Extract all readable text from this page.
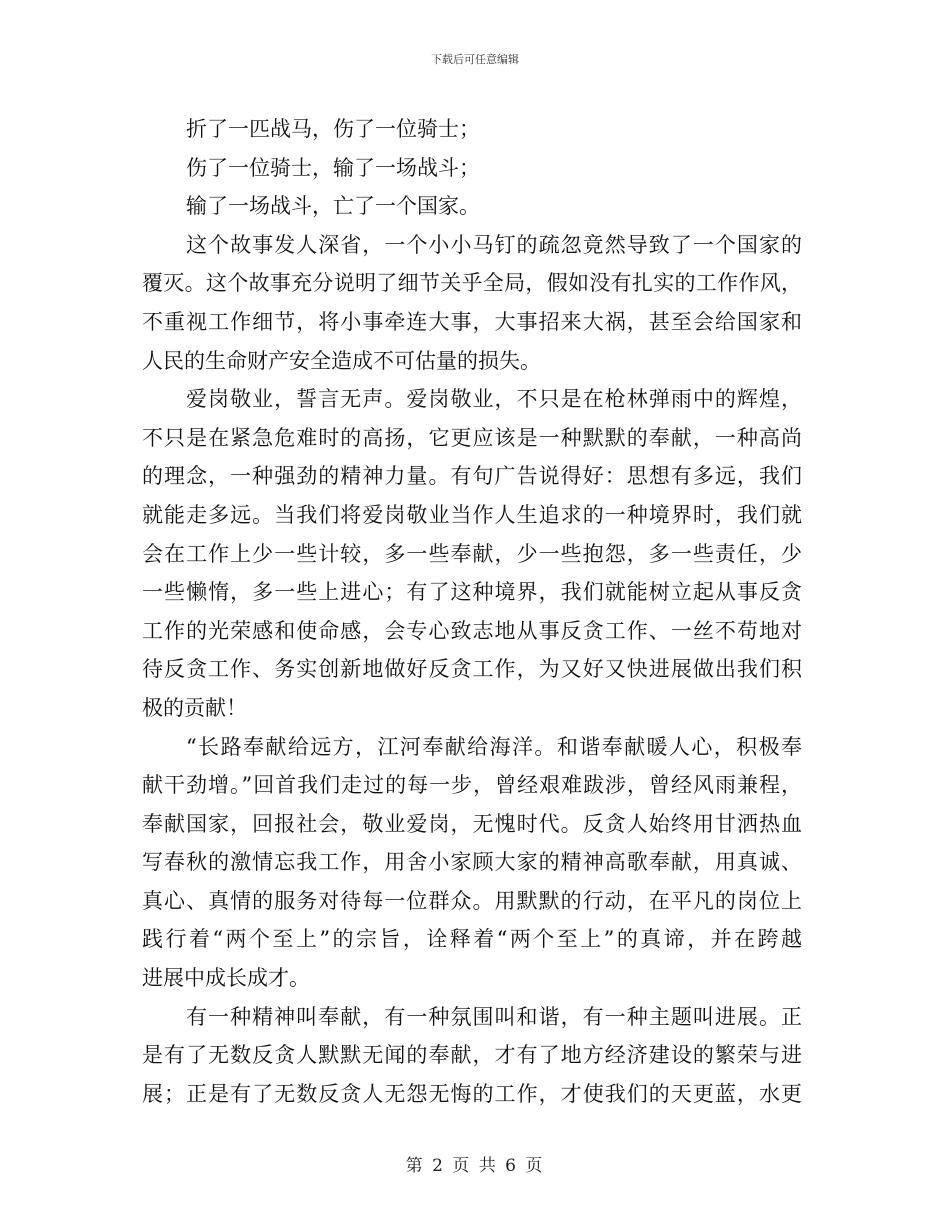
下载后可任意编辑
折了一匹战马，伤了一位骑士；
伤了一位骑士，输了一场战斗；
输了一场战斗，亡了一个国家。
这个故事发人深省，一个小小马钉的疏忽竟然导致了一个国家的
覆灭。这个故事充分说明了细节关乎全局，假如没有扎实的工作作风，
不重视工作细节，将小事牵连大事，大事招来大祸，甚至会给国家和
人民的生命财产安全造成不可估量的损失。
爱岗敬业，誓言无声。爱岗敬业，不只是在枪林弹雨中的辉煌，
不只是在紧急危难时的高扬，它更应该是一种默默的奉献，一种高尚
的理念，一种强劲的精神力量。有句广告说得好：思想有多远，我们
就能走多远。当我们将爱岗敬业当作人生追求的一种境界时，我们就
会在工作上少一些计较，多一些奉献，少一些抱怨，多一些责任，少
一些懒惰，多一些上进心；有了这种境界，我们就能树立起从事反贪
工作的光荣感和使命感，会专心致志地从事反贪工作、一丝不苟地对
待反贪工作、务实创新地做好反贪工作，为又好又快进展做出我们积
极的贡献！
“长路奉献给远方，江河奉献给海洋。和谐奉献暖人心，积极奉
献干劲增。”回首我们走过的每一步，曾经艰难跋涉，曾经风雨兼程，
奉献国家，回报社会，敬业爱岗，无愧时代。反贪人始终用甘洒热血
写春秋的激情忘我工作，用舍小家顾大家的精神高歌奉献，用真诚、
真心、真情的服务对待每一位群众。用默默的行动，在平凡的岗位上
践行着“两个至上”的宗旨，诠释着“两个至上”的真谛，并在跨越
进展中成长成才。
有一种精神叫奉献，有一种氛围叫和谐，有一种主题叫进展。正
是有了无数反贪人默默无闻的奉献，才有了地方经济建设的繁荣与进
展；正是有了无数反贪人无怨无悔的工作，才使我们的天更蓝，水更
第 2 页 共 6 页
